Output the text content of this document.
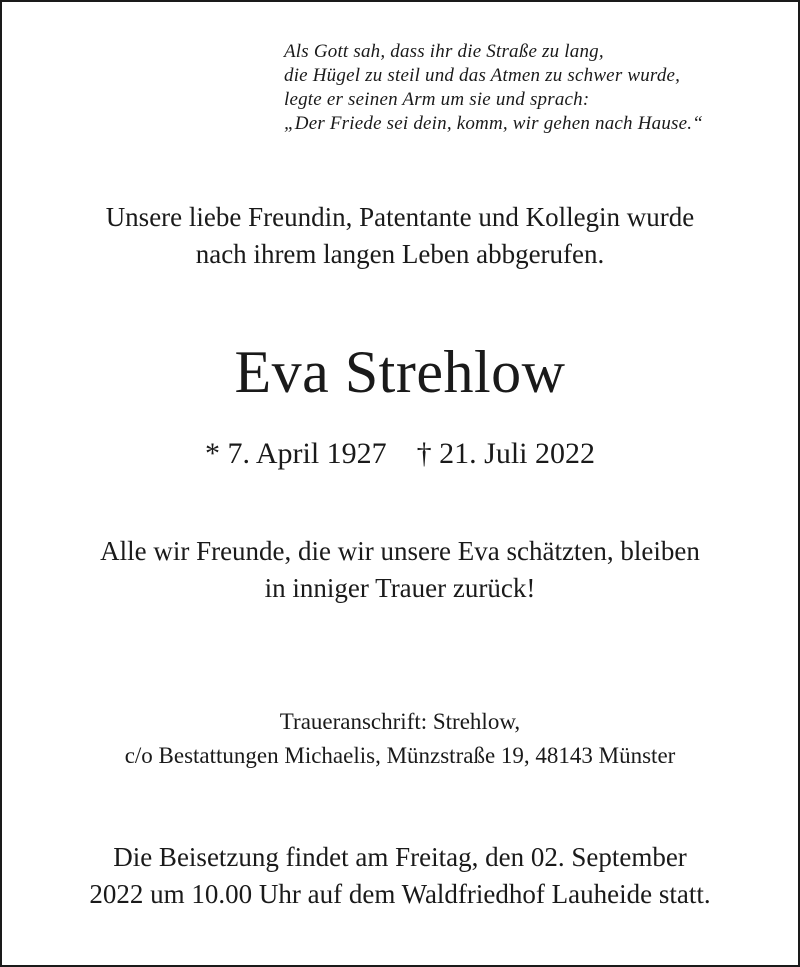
Als Gott sah, dass ihr die Straße zu lang,
die Hügel zu steil und das Atmen zu schwer wurde,
legte er seinen Arm um sie und sprach:
„Der Friede sei dein, komm, wir gehen nach Hause.“
Unsere liebe Freundin, Patentante und Kollegin wurde
nach ihrem langen Leben abbgerufen.
Eva Strehlow
* 7. April 1927 † 21. Juli 2022
Alle wir Freunde, die wir unsere Eva schätzten, bleiben
in inniger Trauer zurück!
Traueranschrift: Strehlow,
c/o Bestattungen Michaelis, Münzstraße 19, 48143 Münster
Die Beisetzung findet am Freitag, den 02. September
2022 um 10.00 Uhr auf dem Waldfriedhof Lauheide statt.
